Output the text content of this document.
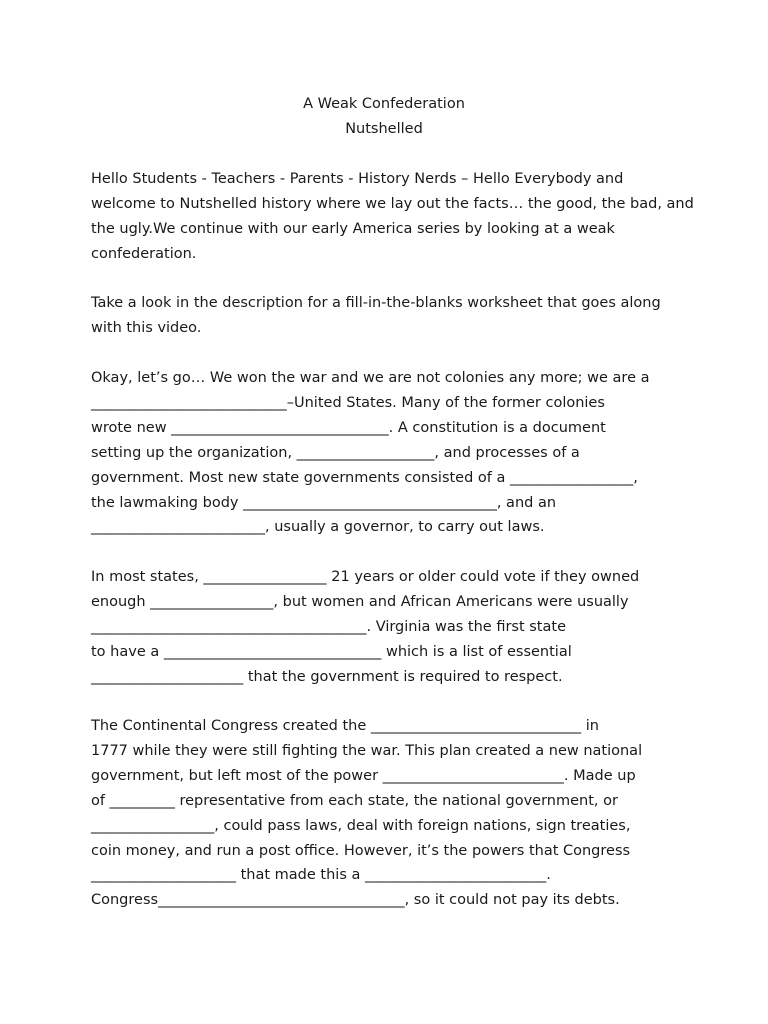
A Weak Confederation
Nutshelled
Hello Students - Teachers - Parents - History Nerds – Hello Everybody and
welcome to Nutshelled history where we lay out the facts… the good, the bad, and
the ugly.We continue with our early America series by looking at a weak
confederation.
Take a look in the description for a fill-in-the-blanks worksheet that goes along
with this video.
Okay, let’s go… We won the war and we are not colonies any more; we are a
___________________________–United States. Many of the former colonies
wrote new ______________________________. A constitution is a document
setting up the organization, ___________________, and processes of a
government. Most new state governments consisted of a _________________,
the lawmaking body ___________________________________, and an
________________________, usually a governor, to carry out laws.
In most states, _________________ 21 years or older could vote if they owned
enough _________________, but women and African Americans were usually
______________________________________. Virginia was the first state
to have a ______________________________ which is a list of essential
_____________________ that the government is required to respect.
The Continental Congress created the _____________________________ in
1777 while they were still fighting the war. This plan created a new national
government, but left most of the power _________________________. Made up
of _________ representative from each state, the national government, or
_________________, could pass laws, deal with foreign nations, sign treaties,
coin money, and run a post office. However, it’s the powers that Congress
____________________ that made this a _________________________.
Congress__________________________________, so it could not pay its debts.
